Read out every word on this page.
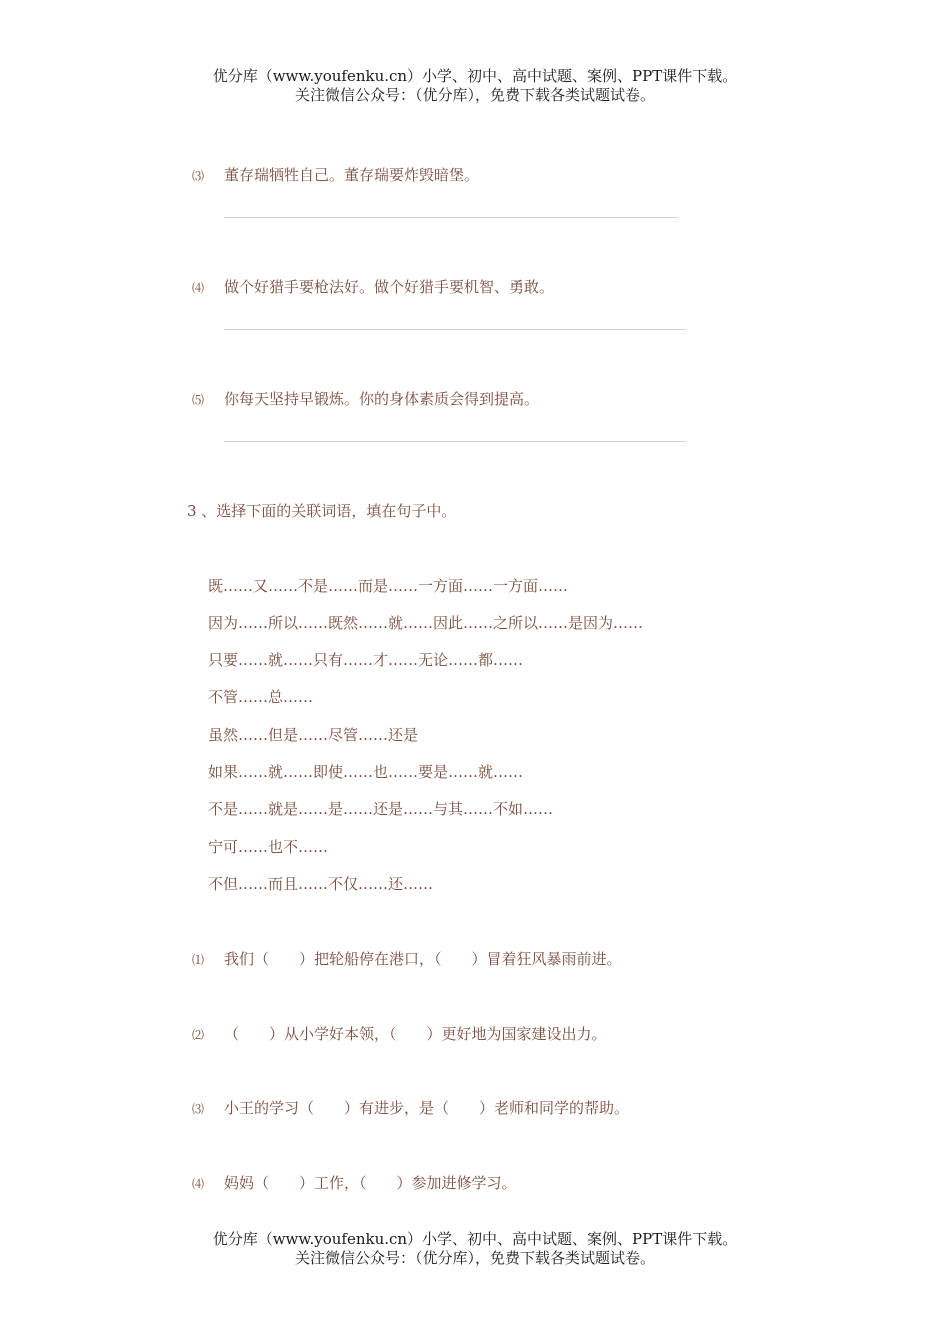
优分库（www.youfenku.cn）小学、初中、高中试题、案例、PPT课件下载。
关注微信公众号：（优分库），免费下载各类试题试卷。
⑶ 董存瑞牺牲自己。董存瑞要炸毁暗堡。
⑷ 做个好猎手要枪法好。做个好猎手要机智、勇敢。
⑸ 你每天坚持早锻炼。你的身体素质会得到提高。
3 、选择下面的关联词语，填在句子中。
既……又……不是……而是……一方面……一方面……
因为……所以……既然……就……因此……之所以……是因为……
只要……就……只有……才……无论……都……
不管……总……
虽然……但是……尽管……还是
如果……就……即使……也……要是……就……
不是……就是……是……还是……与其……不如……
宁可……也不……
不但……而且……不仅……还……
⑴ 我们（　　）把轮船停在港口，（　　）冒着狂风暴雨前进。
⑵ （　　）从小学好本领，（　　）更好地为国家建设出力。
⑶ 小王的学习（　　）有进步，是（　　）老师和同学的帮助。
⑷ 妈妈（　　）工作，（　　）参加进修学习。
优分库（www.youfenku.cn）小学、初中、高中试题、案例、PPT课件下载。
关注微信公众号：（优分库），免费下载各类试题试卷。
